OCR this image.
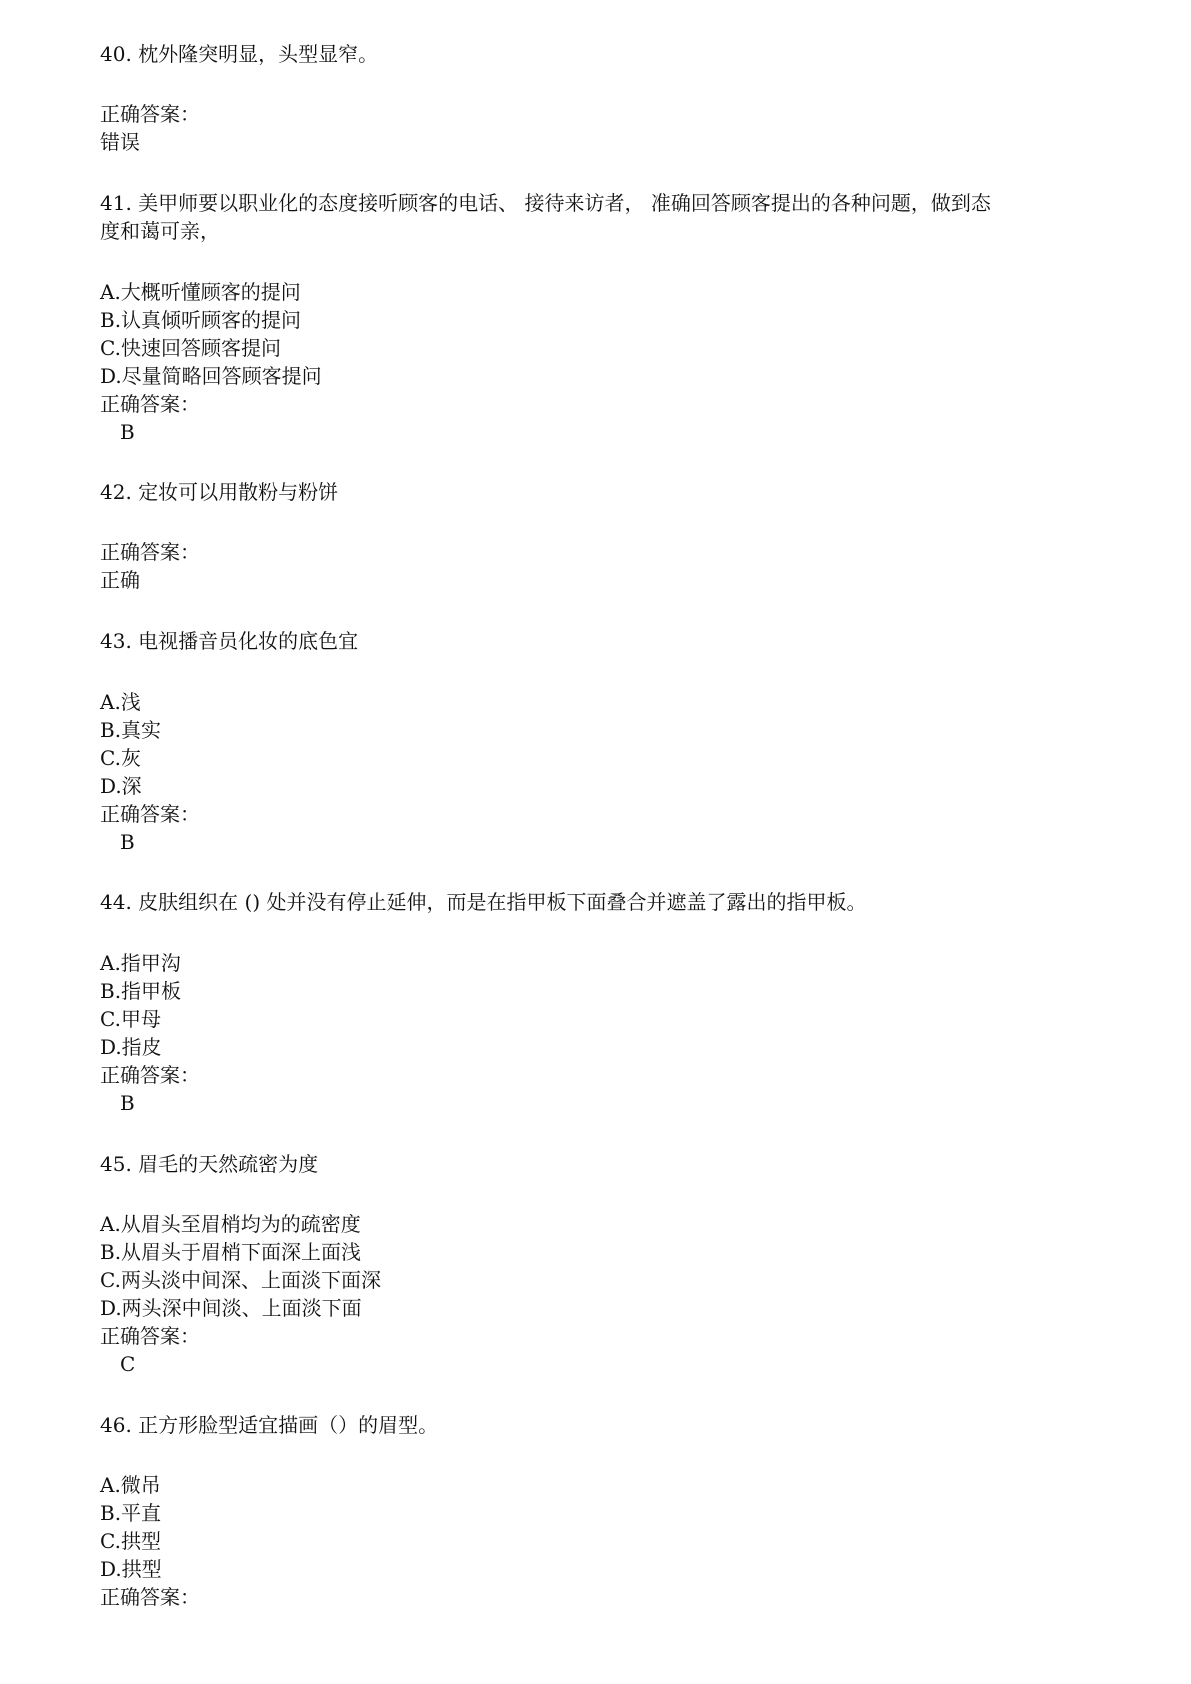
40. 枕外隆突明显，头型显窄。
正确答案：
错误
41. 美甲师要以职业化的态度接听顾客的电话、 接待来访者， 准确回答顾客提出的各种问题，做到态
度和蔼可亲，
A.大概听懂顾客的提问
B.认真倾听顾客的提问
C.快速回答顾客提问
D.尽量简略回答顾客提问
正确答案：
B
42. 定妆可以用散粉与粉饼
正确答案：
正确
43. 电视播音员化妆的底色宜
A.浅
B.真实
C.灰
D.深
正确答案：
B
44. 皮肤组织在 () 处并没有停止延伸，而是在指甲板下面叠合并遮盖了露出的指甲板。
A.指甲沟
B.指甲板
C.甲母
D.指皮
正确答案：
B
45. 眉毛的天然疏密为度
A.从眉头至眉梢均为的疏密度
B.从眉头于眉梢下面深上面浅
C.两头淡中间深、上面淡下面深
D.两头深中间淡、上面淡下面
正确答案：
C
46. 正方形脸型适宜描画（）的眉型。
A.微吊
B.平直
C.拱型
D.拱型
正确答案：
